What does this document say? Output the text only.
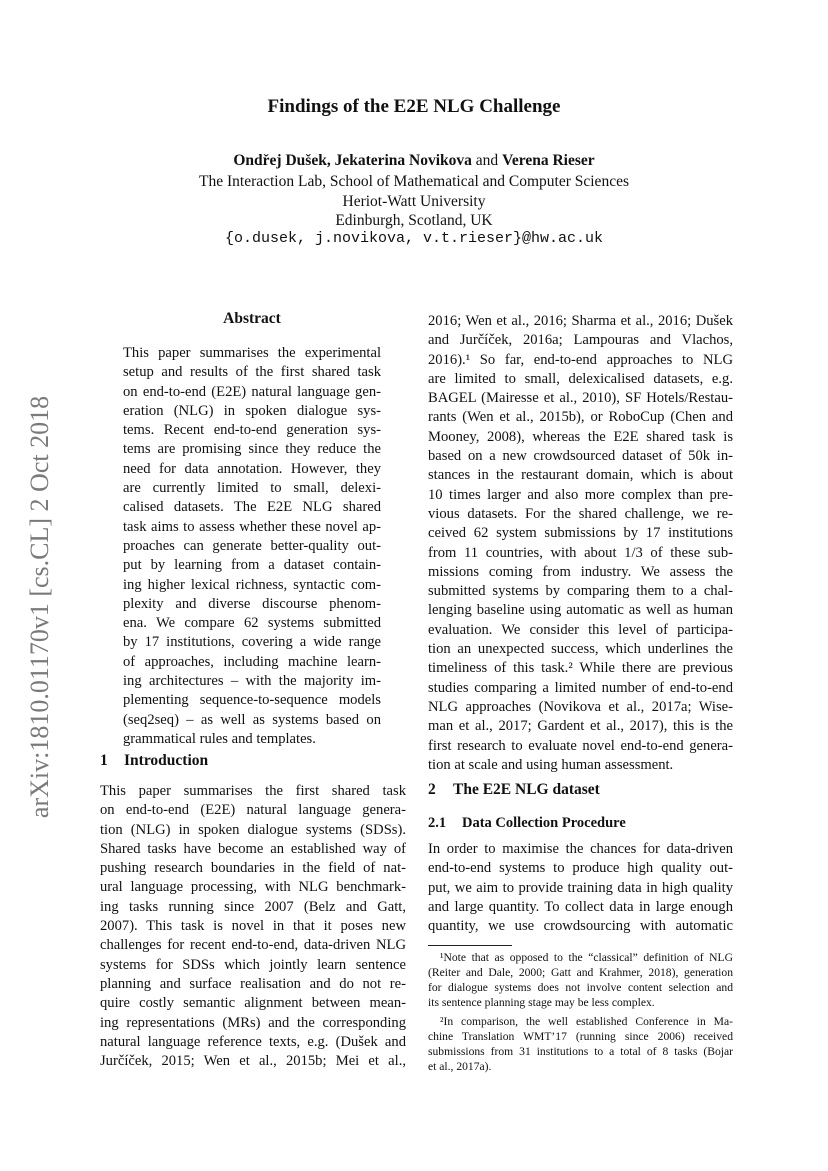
Findings of the E2E NLG Challenge
Ondřej Dušek, Jekaterina Novikova and Verena Rieser
The Interaction Lab, School of Mathematical and Computer Sciences
Heriot-Watt University
Edinburgh, Scotland, UK
{o.dusek, j.novikova, v.t.rieser}@hw.ac.uk
arXiv:1810.01170v1 [cs.CL] 2 Oct 2018
Abstract
This paper summarises the experimental
setup and results of the first shared task
on end-to-end (E2E) natural language gen-
eration (NLG) in spoken dialogue sys-
tems. Recent end-to-end generation sys-
tems are promising since they reduce the
need for data annotation. However, they
are currently limited to small, delexi-
calised datasets. The E2E NLG shared
task aims to assess whether these novel ap-
proaches can generate better-quality out-
put by learning from a dataset contain-
ing higher lexical richness, syntactic com-
plexity and diverse discourse phenom-
ena. We compare 62 systems submitted
by 17 institutions, covering a wide range
of approaches, including machine learn-
ing architectures – with the majority im-
plementing sequence-to-sequence models
(seq2seq) – as well as systems based on
grammatical rules and templates.
1 Introduction
This paper summarises the first shared task
on end-to-end (E2E) natural language genera-
tion (NLG) in spoken dialogue systems (SDSs).
Shared tasks have become an established way of
pushing research boundaries in the field of nat-
ural language processing, with NLG benchmark-
ing tasks running since 2007 (Belz and Gatt,
2007). This task is novel in that it poses new
challenges for recent end-to-end, data-driven NLG
systems for SDSs which jointly learn sentence
planning and surface realisation and do not re-
quire costly semantic alignment between mean-
ing representations (MRs) and the corresponding
natural language reference texts, e.g. (Dušek and
Jurčíček, 2015; Wen et al., 2015b; Mei et al.,
2016; Wen et al., 2016; Sharma et al., 2016; Dušek
and Jurčíček, 2016a; Lampouras and Vlachos,
2016).¹ So far, end-to-end approaches to NLG
are limited to small, delexicalised datasets, e.g.
BAGEL (Mairesse et al., 2010), SF Hotels/Restau-
rants (Wen et al., 2015b), or RoboCup (Chen and
Mooney, 2008), whereas the E2E shared task is
based on a new crowdsourced dataset of 50k in-
stances in the restaurant domain, which is about
10 times larger and also more complex than pre-
vious datasets. For the shared challenge, we re-
ceived 62 system submissions by 17 institutions
from 11 countries, with about 1/3 of these sub-
missions coming from industry. We assess the
submitted systems by comparing them to a chal-
lenging baseline using automatic as well as human
evaluation. We consider this level of participa-
tion an unexpected success, which underlines the
timeliness of this task.² While there are previous
studies comparing a limited number of end-to-end
NLG approaches (Novikova et al., 2017a; Wise-
man et al., 2017; Gardent et al., 2017), this is the
first research to evaluate novel end-to-end genera-
tion at scale and using human assessment.
2 The E2E NLG dataset
2.1 Data Collection Procedure
In order to maximise the chances for data-driven
end-to-end systems to produce high quality out-
put, we aim to provide training data in high quality
and large quantity. To collect data in large enough
quantity, we use crowdsourcing with automatic
¹Note that as opposed to the “classical” definition of NLG
(Reiter and Dale, 2000; Gatt and Krahmer, 2018), generation
for dialogue systems does not involve content selection and
its sentence planning stage may be less complex.
²In comparison, the well established Conference in Ma-
chine Translation WMT’17 (running since 2006) received
submissions from 31 institutions to a total of 8 tasks (Bojar
et al., 2017a).
